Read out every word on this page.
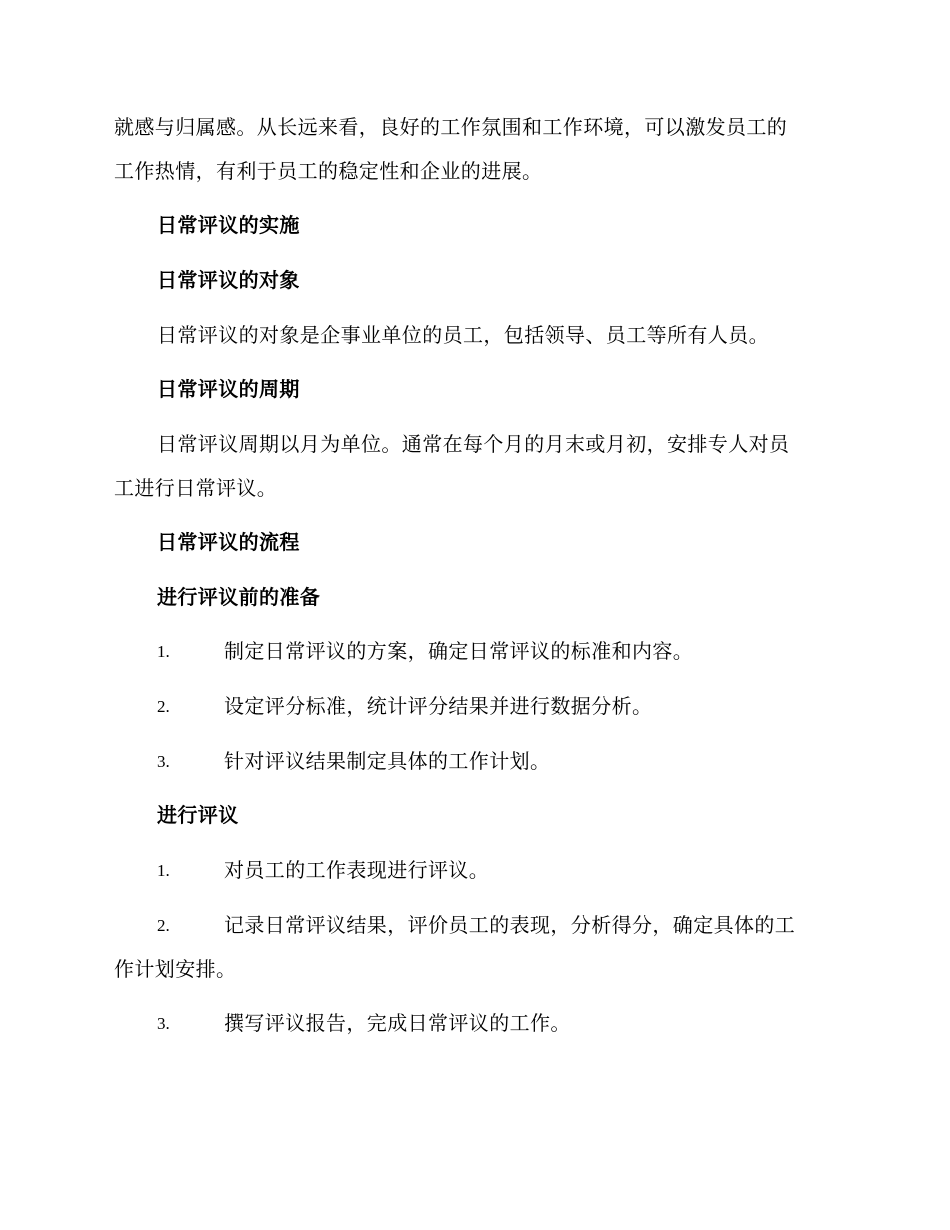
就感与归属感。从长远来看，良好的工作氛围和工作环境，可以激发员工的
工作热情，有利于员工的稳定性和企业的进展。
日常评议的实施
日常评议的对象
日常评议的对象是企事业单位的员工，包括领导、员工等所有人员。
日常评议的周期
日常评议周期以月为单位。通常在每个月的月末或月初，安排专人对员
工进行日常评议。
日常评议的流程
进行评议前的准备
1.	制定日常评议的方案，确定日常评议的标准和内容。
2.	设定评分标准，统计评分结果并进行数据分析。
3.	针对评议结果制定具体的工作计划。
进行评议
1.	对员工的工作表现进行评议。
2.	记录日常评议结果，评价员工的表现，分析得分，确定具体的工
作计划安排。
3.	撰写评议报告，完成日常评议的工作。
